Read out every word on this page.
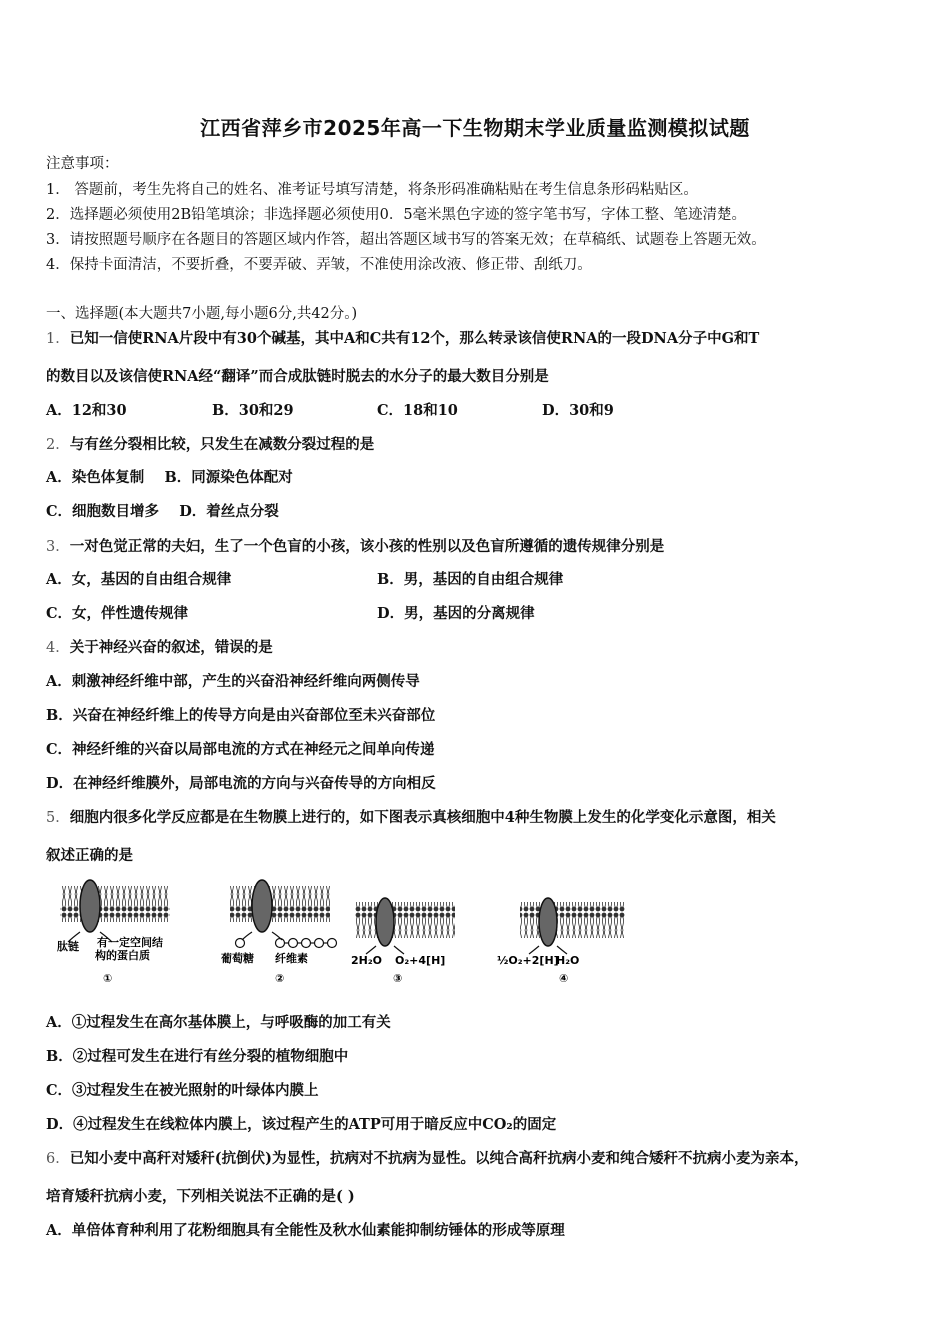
江西省萍乡市2025年高一下生物期末学业质量监测模拟试题
注意事项：
1． 答题前，考生先将自己的姓名、准考证号填写清楚，将条形码准确粘贴在考生信息条形码粘贴区。
2．选择题必须使用2B铅笔填涂；非选择题必须使用0．5毫米黑色字迹的签字笔书写，字体工整、笔迹清楚。
3．请按照题号顺序在各题目的答题区域内作答，超出答题区域书写的答案无效；在草稿纸、试题卷上答题无效。
4．保持卡面清洁，不要折叠，不要弄破、弄皱，不准使用涂改液、修正带、刮纸刀。
一、选择题(本大题共7小题,每小题6分,共42分。)
1．已知一信使RNA片段中有30个碱基，其中A和C共有12个，那么转录该信使RNA的一段DNA分子中G和T
的数目以及该信使RNA经“翻译”而合成肽链时脱去的水分子的最大数目分别是
A．12和30	B．30和29	C．18和10	D．30和9
2．与有丝分裂相比较，只发生在减数分裂过程的是
A．染色体复制    B．同源染色体配对
C．细胞数目增多    D．着丝点分裂
3．一对色觉正常的夫妇，生了一个色盲的小孩，该小孩的性别以及色盲所遵循的遗传规律分别是
A．女，基因的自由组合规律	B．男，基因的自由组合规律
C．女，伴性遗传规律	D．男，基因的分离规律
4．关于神经兴奋的叙述，错误的是
A．刺激神经纤维中部，产生的兴奋沿神经纤维向两侧传导
B．兴奋在神经纤维上的传导方向是由兴奋部位至未兴奋部位
C．神经纤维的兴奋以局部电流的方式在神经元之间单向传递
D．在神经纤维膜外，局部电流的方向与兴奋传导的方向相反
5．细胞内很多化学反应都是在生物膜上进行的，如下图表示真核细胞中4种生物膜上发生的化学变化示意图，相关
叙述正确的是
肽链 有一定空间结
构的蛋白质
①
葡萄糖 纤维素
②
2H₂O O₂+4[H]
③
½O₂+2[H]
H₂O
④
A．①过程发生在高尔基体膜上，与呼吸酶的加工有关
B．②过程可发生在进行有丝分裂的植物细胞中
C．③过程发生在被光照射的叶绿体内膜上
D．④过程发生在线粒体内膜上，该过程产生的ATP可用于暗反应中CO₂的固定
6．已知小麦中高秆对矮秆(抗倒伏)为显性，抗病对不抗病为显性。以纯合高秆抗病小麦和纯合矮秆不抗病小麦为亲本，
培育矮秆抗病小麦，下列相关说法不正确的是( )
A．单倍体育种利用了花粉细胞具有全能性及秋水仙素能抑制纺锤体的形成等原理
